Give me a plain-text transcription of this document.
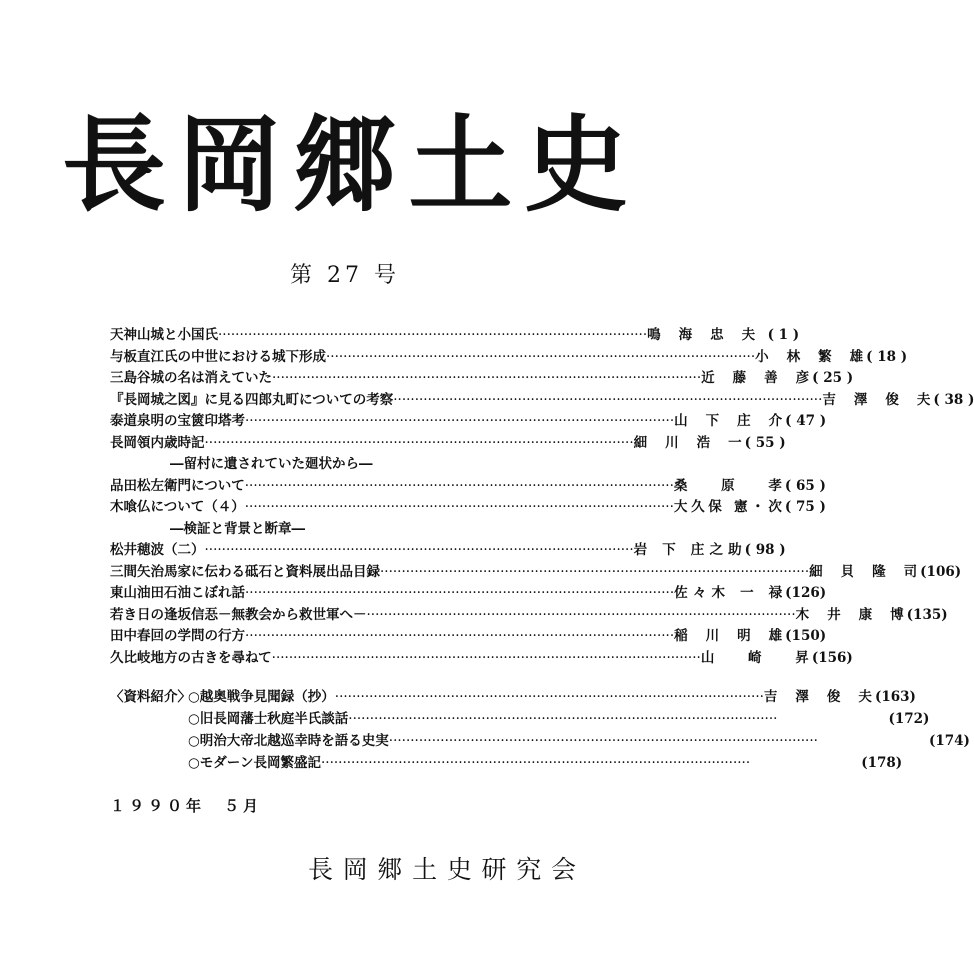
長 岡 郷 土 史
第 27 号
天神山城と小国氏 ·····	鳴 海 忠 夫 ( 1 )
与板直江氏の中世における城下形成 ·····	小 林 繁 雄 ( 18 )
三島谷城の名は消えていた ·····	近 藤 善 彦 ( 25 )
『長岡城之図』に見る四郎丸町についての考察 ·····	吉 澤 俊 夫 ( 38 )
泰道泉明の宝篋印塔考 ·····	山 下 庄 介 ( 47 )
長岡領内歳時記 ·····	細 川 浩 一 ( 55 )
―留村に遺されていた廻状から―
品田松左衛門について ·····	桑 原 孝 ( 65 )
木喰仏について（４） ·····	大久保 憲・次 ( 75 )
―検証と背景と断章―
松井穂波（二） ·····	岩 下 庄之助 ( 98 )
三間矢治馬家に伝わる砥石と資料展出品目録 ·····	細 貝 隆 司 (106)
東山油田石油こぼれ話 ·····	佐々木 一 禄 (126)
若き日の逢坂信忢－無教会から救世軍へ－ ·····	木 井 康 博 (135)
田中春回の学問の行方 ·····	稲 川 明 雄 (150)
久比岐地方の古きを尋ねて ·····	山 崎 昇 (156)
〈資料紹介〉
○越奥戦争見聞録（抄） ·····	吉 澤 俊 夫 (163)
○旧長岡藩士秋庭半氏談話 ·····	(172)
○明治大帝北越巡幸時を語る史実 ·····	(174)
○モダーン長岡繁盛記 ·····	(178)
１９９０年　５月
長岡郷土史研究会
